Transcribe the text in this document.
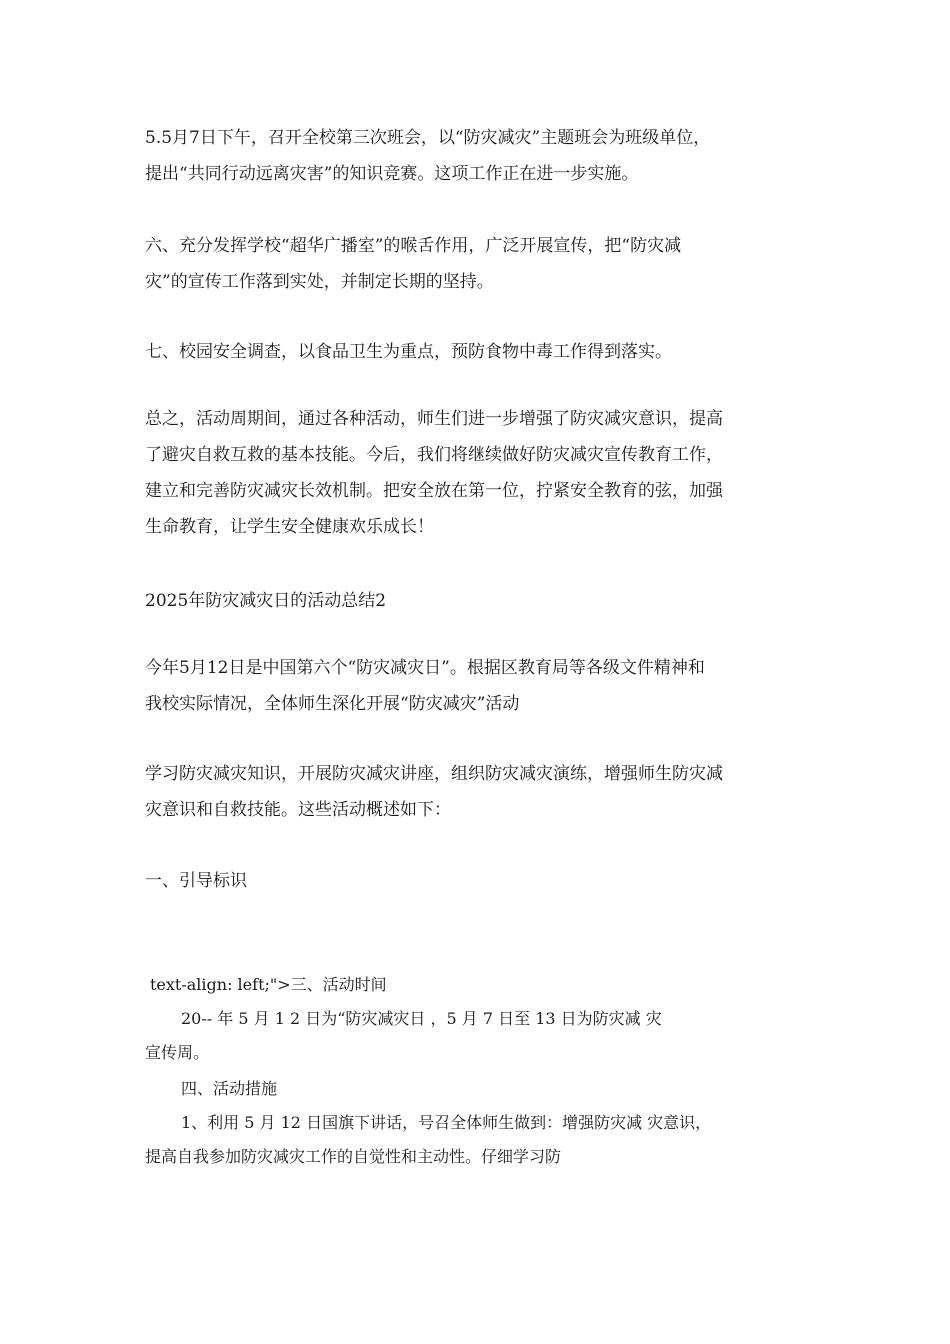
5.5月7日下午，召开全校第三次班会，以“防灾减灾”主题班会为班级单位，
提出“共同行动远离灾害”的知识竞赛。这项工作正在进一步实施。
六、充分发挥学校“超华广播室”的喉舌作用，广泛开展宣传，把“防灾减
灾”的宣传工作落到实处，并制定长期的坚持。
七、校园安全调查，以食品卫生为重点，预防食物中毒工作得到落实。
总之，活动周期间，通过各种活动，师生们进一步增强了防灾减灾意识，提高
了避灾自救互救的基本技能。今后，我们将继续做好防灾减灾宣传教育工作，
建立和完善防灾减灾长效机制。把安全放在第一位，拧紧安全教育的弦，加强
生命教育，让学生安全健康欢乐成长！
2025年防灾减灾日的活动总结2
今年5月12日是中国第六个“防灾减灾日”。根据区教育局等各级文件精神和
我校实际情况，全体师生深化开展“防灾减灾”活动
学习防灾减灾知识，开展防灾减灾讲座，组织防灾减灾演练，增强师生防灾减
灾意识和自救技能。这些活动概述如下：
一、引导标识
text-align: left;">三、活动时间
20-- 年 5 月 1 2 日为“防灾减灾日 ，5 月 7 日至 13 日为防灾减 灾
宣传周。
四、活动措施
1、利用 5 月 12 日国旗下讲话，号召全体师生做到：增强防灾减 灾意识，
提高自我参加防灾减灾工作的自觉性和主动性。仔细学习防
